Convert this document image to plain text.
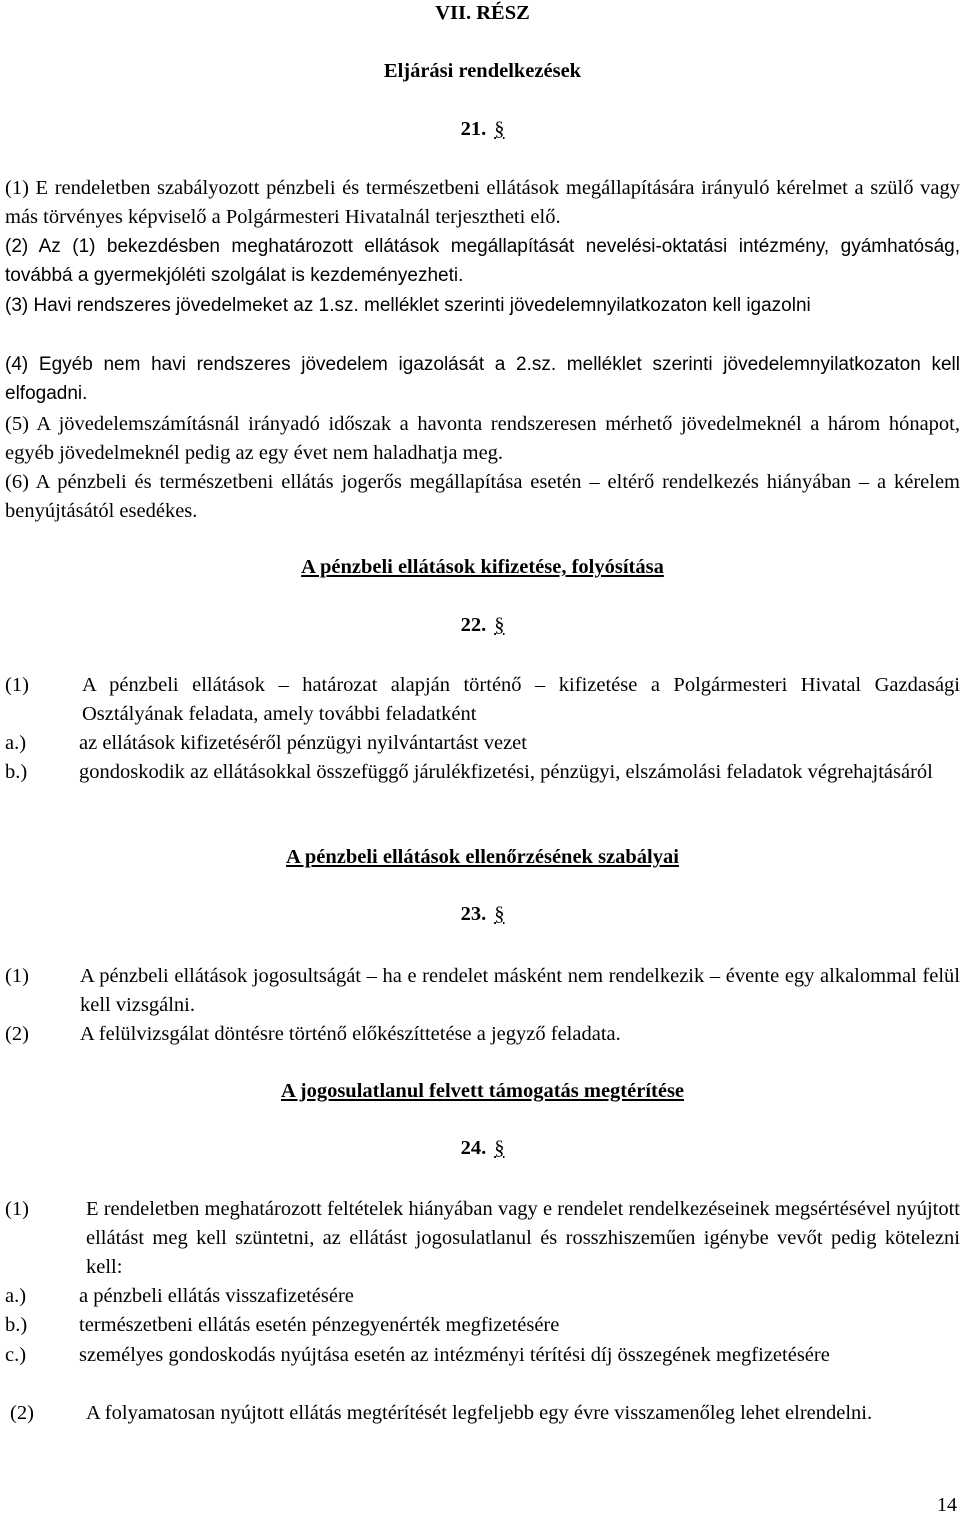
VII. RÉSZ
Eljárási rendelkezések
21. §
(1) E rendeletben szabályozott pénzbeli és természetbeni ellátások megállapítására irányuló kérelmet a szülő vagy más törvényes képviselő a Polgármesteri Hivatalnál terjesztheti elő.
(2) Az (1) bekezdésben meghatározott ellátások megállapítását nevelési-oktatási intézmény, gyámhatóság, továbbá a gyermekjóléti szolgálat is kezdeményezheti.
(3) Havi rendszeres jövedelmeket az 1.sz. melléklet szerinti jövedelemnyilatkozaton kell igazolni
(4) Egyéb nem havi rendszeres jövedelem igazolását a 2.sz. melléklet szerinti jövedelemnyilatkozaton kell elfogadni.
(5) A jövedelemszámításnál irányadó időszak a havonta rendszeresen mérhető jövedelmeknél a három hónapot, egyéb jövedelmeknél pedig az egy évet nem haladhatja meg.
(6) A pénzbeli és természetbeni ellátás jogerős megállapítása esetén – eltérő rendelkezés hiányában – a kérelem benyújtásától esedékes.
A pénzbeli ellátások kifizetése, folyósítása
22. §
(1)	A pénzbeli ellátások – határozat alapján történő – kifizetése a Polgármesteri Hivatal Gazdasági Osztályának feladata, amely további feladatként
a.)	az ellátások kifizetéséről pénzügyi nyilvántartást vezet
b.)	gondoskodik az ellátásokkal összefüggő járulékfizetési, pénzügyi, elszámolási feladatok végrehajtásáról
A pénzbeli ellátások ellenőrzésének szabályai
23. §
(1) A pénzbeli ellátások jogosultságát – ha e rendelet másként nem rendelkezik – évente egy alkalommal felül kell vizsgálni.
(2) A felülvizsgálat döntésre történő előkészíttetése a jegyző feladata.
A jogosulatlanul felvett támogatás megtérítése
24. §
(1)	E rendeletben meghatározott feltételek hiányában vagy e rendelet rendelkezéseinek megsértésével nyújtott ellátást meg kell szüntetni, az ellátást jogosulatlanul és rosszhiszeműen igénybe vevőt pedig kötelezni kell:
a.)	a pénzbeli ellátás visszafizetésére
b.)	természetbeni ellátás esetén pénzegyenérték megfizetésére
c.)	személyes gondoskodás nyújtása esetén az intézményi térítési díj összegének megfizetésére
(2)	A folyamatosan nyújtott ellátás megtérítését legfeljebb egy évre visszamenőleg lehet elrendelni.
14
